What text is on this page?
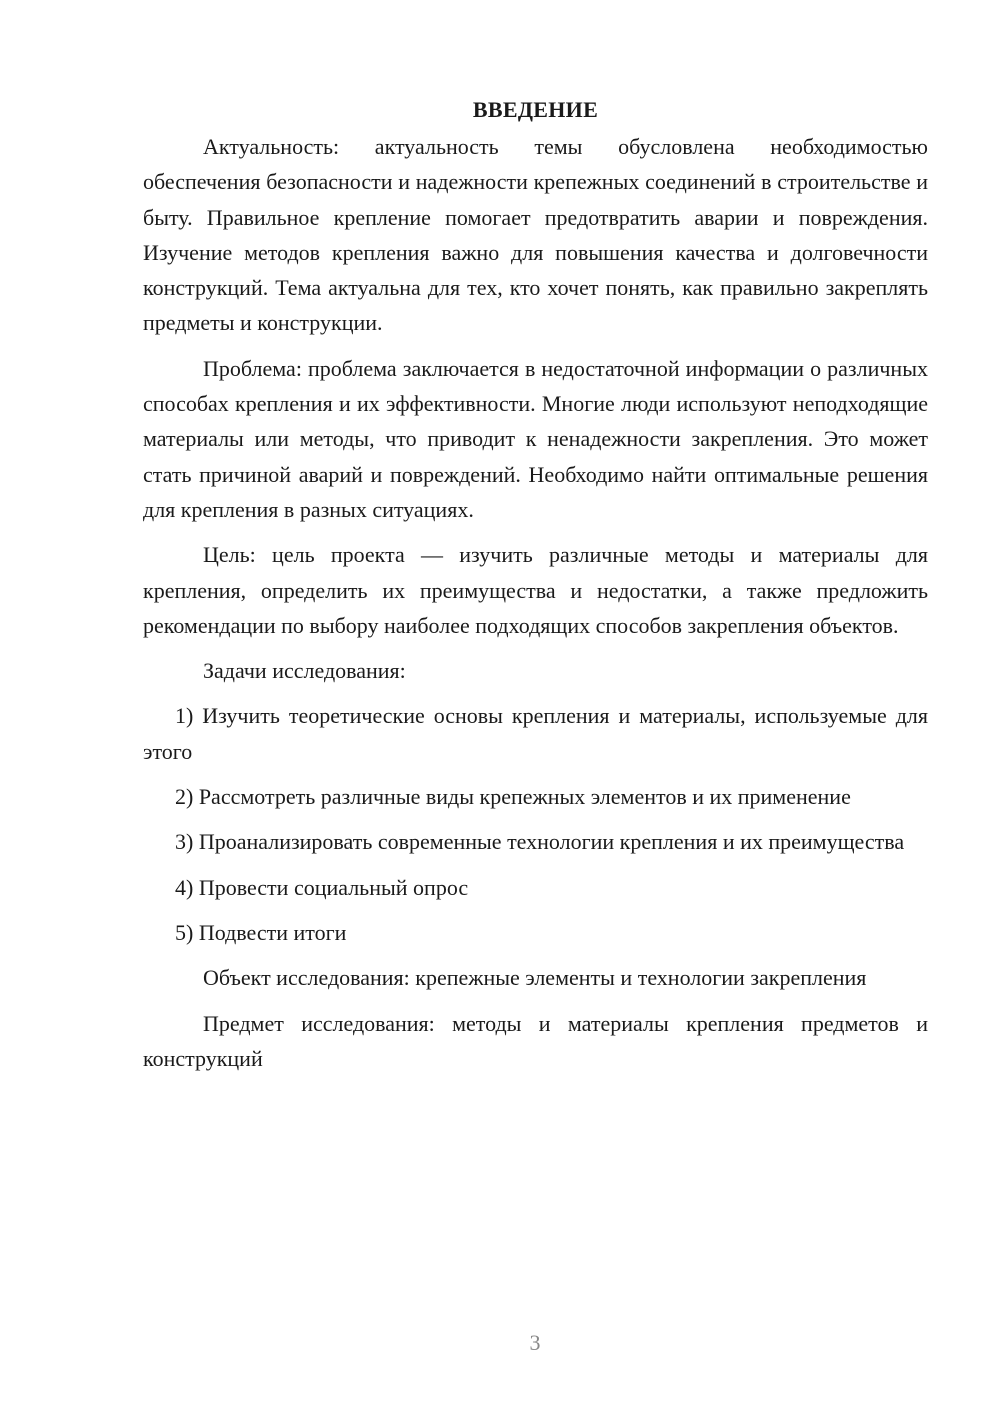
ВВЕДЕНИЕ

Актуальность: актуальность темы обусловлена необходимостью обеспечения безопасности и надежности крепежных соединений в строительстве и быту. Правильное крепление помогает предотвратить аварии и повреждения. Изучение методов крепления важно для повышения качества и долговечности конструкций. Тема актуальна для тех, кто хочет понять, как правильно закреплять предметы и конструкции.

Проблема: проблема заключается в недостаточной информации о различных способах крепления и их эффективности. Многие люди используют неподходящие материалы или методы, что приводит к ненадежности закрепления. Это может стать причиной аварий и повреждений. Необходимо найти оптимальные решения для крепления в разных ситуациях.

Цель: цель проекта — изучить различные методы и материалы для крепления, определить их преимущества и недостатки, а также предложить рекомендации по выбору наиболее подходящих способов закрепления объектов.

Задачи исследования:

1) Изучить теоретические основы крепления и материалы, используемые для этого

2) Рассмотреть различные виды крепежных элементов и их применение

3) Проанализировать современные технологии крепления и их преимущества

4) Провести социальный опрос

5) Подвести итоги

Объект исследования: крепежные элементы и технологии закрепления

Предмет исследования: методы и материалы крепления предметов и конструкций

3
